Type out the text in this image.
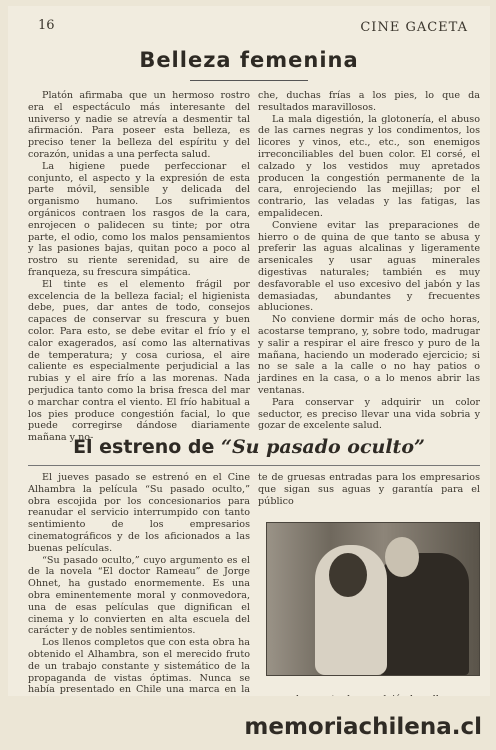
16	CINE GACETA
Belleza femenina

Platón afirmaba que un hermoso rostro era el espectáculo más interesante del universo y nadie se atrevía a desmentir tal afirmación. Para poseer esta belleza, es preciso tener la belleza del espíritu y del corazón, unidas a una perfecta salud.

La higiene puede perfeccionar el conjunto, el aspecto y la expresión de esta parte móvil, sensible y delicada del organismo humano. Los sufrimientos orgánicos contraen los rasgos de la cara, enrojecen o palidecen su tinte; por otra parte, el odio, como los malos pensamientos y las pasiones bajas, quitan poco a poco al rostro su riente serenidad, su aire de franqueza, su frescura simpática.

El tinte es el elemento frágil por excelencia de la belleza facial; el higienista debe, pues, dar antes de todo, consejos capaces de conservar su frescura y buen color. Para esto, se debe evitar el frío y el calor exagerados, así como las alternativas de temperatura; y cosa curiosa, el aire caliente es especialmente perjudicial a las rubias y el aire frío a las morenas. Nada perjudica tanto como la brisa fresca del mar o marchar contra el viento. El frío habitual a los pies produce congestión facial, lo que puede corregirse dándose diariamente mañana y no-

che, duchas frías a los pies, lo que da resultados maravillosos.

La mala digestión, la glotonería, el abuso de las carnes negras y los condimentos, los licores y vinos, etc., etc., son enemigos irreconciliables del buen color. El corsé, el calzado y los vestidos muy apretados producen la congestión permanente de la cara, enrojeciendo las mejillas; por el contrario, las veladas y las fatigas, las empalidecen.

Conviene evitar las preparaciones de hierro o de quina de que tanto se abusa y preferir las aguas alcalinas y ligeramente arsenicales y usar aguas minerales digestivas naturales; también es muy desfavorable el uso excesivo del jabón y las demasiadas, abundantes y frecuentes abluciones.

No conviene dormir más de ocho horas, acostarse temprano, y, sobre todo, madrugar y salir a respirar el aire fresco y puro de la mañana, haciendo un moderado ejercicio; si no se sale a la calle o no hay patios o jardines en la casa, o a lo menos abrir las ventanas.

Para conservar y adquirir un color seductor, es preciso llevar una vida sobria y gozar de excelente salud.

El estreno de “Su pasado oculto”

El jueves pasado se estrenó en el Cine Alhambra la película “Su pasado oculto,” obra escojida por los concesionarios para reanudar el servicio interrumpido con tanto sentimiento de los empresarios cinematográficos y de los aficionados a las buenas películas.

“Su pasado oculto,” cuyo argumento es el de la novela “El doctor Rameau” de Jorge Ohnet, ha gustado enormemente. Es una obra eminentemente moral y conmovedora, una de esas películas que dignifican el cinema y lo convierten en alta escuela del carácter y de nobles sentimientos.

Los llenos completos que con esta obra ha obtenido el Alhambra, son el merecido fruto de un trabajo constante y sistemático de la propaganda de vistas óptimas. Nunca se había presentado en Chile una marca en la

te de gruesas entradas para los empresarios que sigan sus aguas y garantía para el público

memoriachilena.cl
